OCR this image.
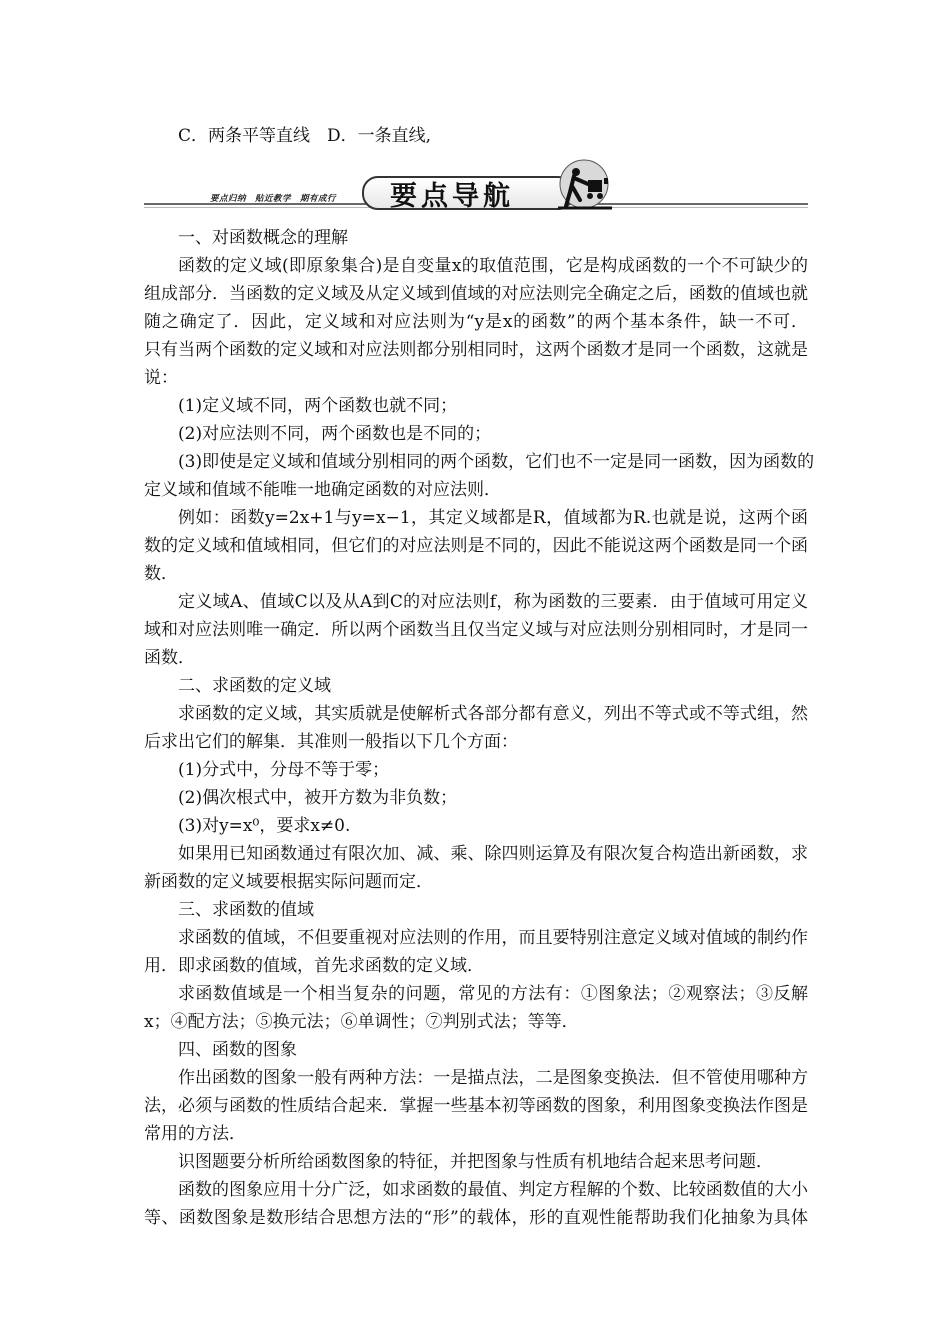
C．两条平等直线　D．一条直线,
要点归纳　贴近教学　期有成行 要点导航
一、对函数概念的理解
函数的定义域(即原象集合)是自变量x的取值范围，它是构成函数的一个不可缺少的
组成部分．当函数的定义域及从定义域到值域的对应法则完全确定之后，函数的值域也就
随之确定了．因此，定义域和对应法则为“y是x的函数”的两个基本条件，缺一不可．
只有当两个函数的定义域和对应法则都分别相同时，这两个函数才是同一个函数，这就是
说：
(1)定义域不同，两个函数也就不同；
(2)对应法则不同，两个函数也是不同的；
(3)即使是定义域和值域分别相同的两个函数，它们也不一定是同一函数，因为函数的
定义域和值域不能唯一地确定函数的对应法则．
例如：函数y=2x+1与y=x−1，其定义域都是R，值域都为R.也就是说，这两个函
数的定义域和值域相同，但它们的对应法则是不同的，因此不能说这两个函数是同一个函
数．
定义域A、值域C以及从A到C的对应法则f，称为函数的三要素．由于值域可用定义
域和对应法则唯一确定．所以两个函数当且仅当定义域与对应法则分别相同时，才是同一
函数．
二、求函数的定义域
求函数的定义域，其实质就是使解析式各部分都有意义，列出不等式或不等式组，然
后求出它们的解集．其准则一般指以下几个方面：
(1)分式中，分母不等于零；
(2)偶次根式中，被开方数为非负数；
(3)对y=x⁰，要求x≠0.
如果用已知函数通过有限次加、减、乘、除四则运算及有限次复合构造出新函数，求
新函数的定义域要根据实际问题而定．
三、求函数的值域
求函数的值域，不但要重视对应法则的作用，而且要特别注意定义域对值域的制约作
用．即求函数的值域，首先求函数的定义域．
求函数值域是一个相当复杂的问题，常见的方法有：①图象法；②观察法；③反解
x；④配方法；⑤换元法；⑥单调性；⑦判别式法；等等．
四、函数的图象
作出函数的图象一般有两种方法：一是描点法，二是图象变换法．但不管使用哪种方
法，必须与函数的性质结合起来．掌握一些基本初等函数的图象，利用图象变换法作图是
常用的方法．
识图题要分析所给函数图象的特征，并把图象与性质有机地结合起来思考问题．
函数的图象应用十分广泛，如求函数的最值、判定方程解的个数、比较函数值的大小
等、函数图象是数形结合思想方法的“形”的载体，形的直观性能帮助我们化抽象为具体
